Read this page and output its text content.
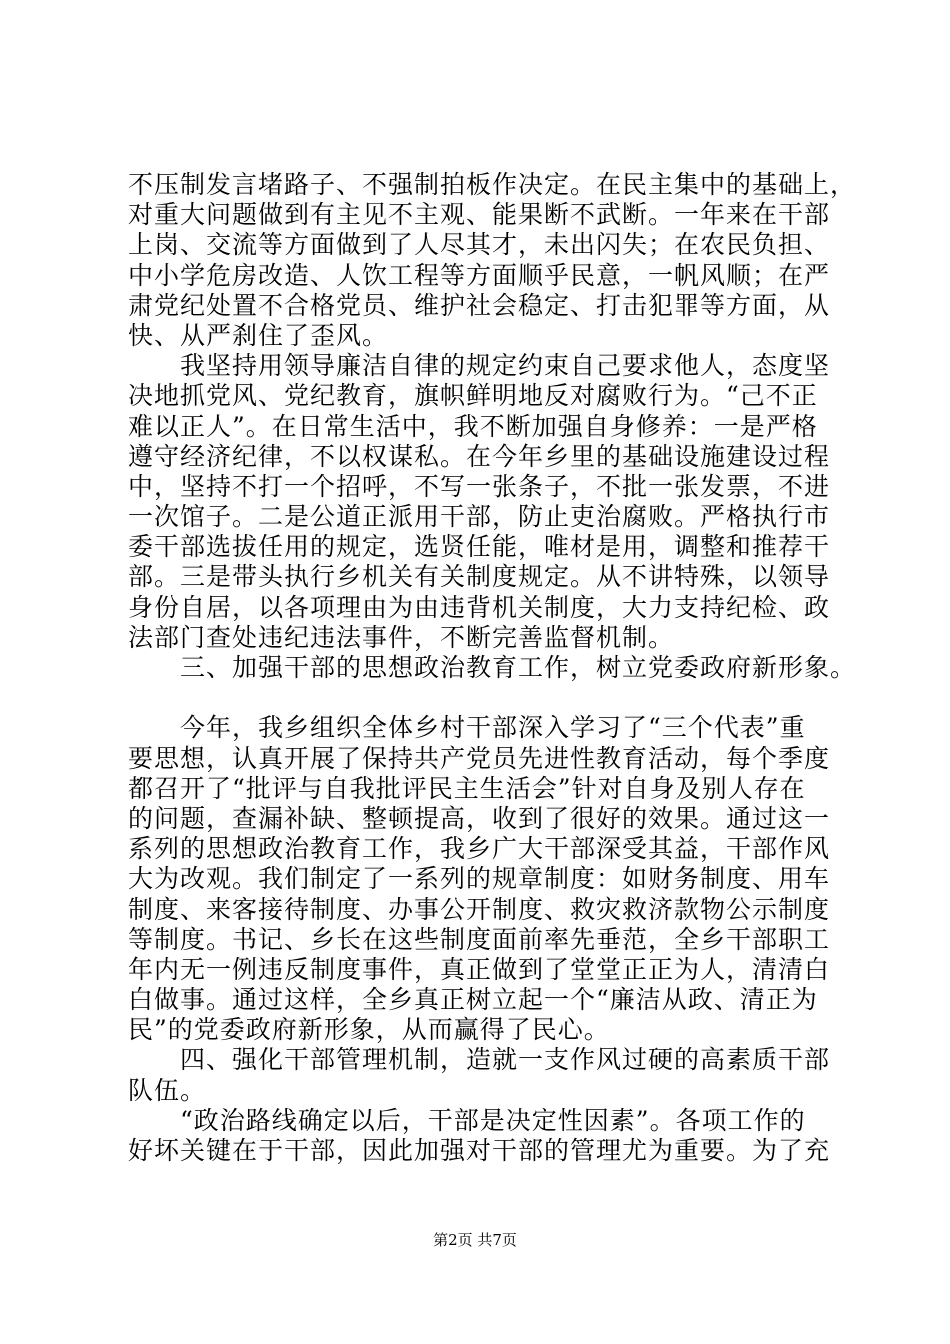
不压制发言堵路子、不强制拍板作决定。在民主集中的基础上，
对重大问题做到有主见不主观、能果断不武断。一年来在干部
上岗、交流等方面做到了人尽其才，未出闪失；在农民负担、
中小学危房改造、人饮工程等方面顺乎民意，一帆风顺；在严
肃党纪处置不合格党员、维护社会稳定、打击犯罪等方面，从
快、从严刹住了歪风。
　　我坚持用领导廉洁自律的规定约束自己要求他人，态度坚
决地抓党风、党纪教育，旗帜鲜明地反对腐败行为。“己不正
难以正人”。在日常生活中，我不断加强自身修养：一是严格
遵守经济纪律，不以权谋私。在今年乡里的基础设施建设过程
中，坚持不打一个招呼，不写一张条子，不批一张发票，不进
一次馆子。二是公道正派用干部，防止吏治腐败。严格执行市
委干部选拔任用的规定，选贤任能，唯材是用，调整和推荐干
部。三是带头执行乡机关有关制度规定。从不讲特殊，以领导
身份自居，以各项理由为由违背机关制度，大力支持纪检、政
法部门查处违纪违法事件，不断完善监督机制。
　　三、加强干部的思想政治教育工作，树立党委政府新形象。
　　今年，我乡组织全体乡村干部深入学习了“三个代表”重
要思想，认真开展了保持共产党员先进性教育活动，每个季度
都召开了“批评与自我批评民主生活会”针对自身及别人存在
的问题，查漏补缺、整顿提高，收到了很好的效果。通过这一
系列的思想政治教育工作，我乡广大干部深受其益，干部作风
大为改观。我们制定了一系列的规章制度：如财务制度、用车
制度、来客接待制度、办事公开制度、救灾救济款物公示制度
等制度。书记、乡长在这些制度面前率先垂范，全乡干部职工
年内无一例违反制度事件，真正做到了堂堂正正为人，清清白
白做事。通过这样，全乡真正树立起一个“廉洁从政、清正为
民”的党委政府新形象，从而赢得了民心。
　　四、强化干部管理机制，造就一支作风过硬的高素质干部
队伍。
　　“政治路线确定以后，干部是决定性因素”。各项工作的
好坏关键在于干部，因此加强对干部的管理尤为重要。为了充
第2页 共7页
